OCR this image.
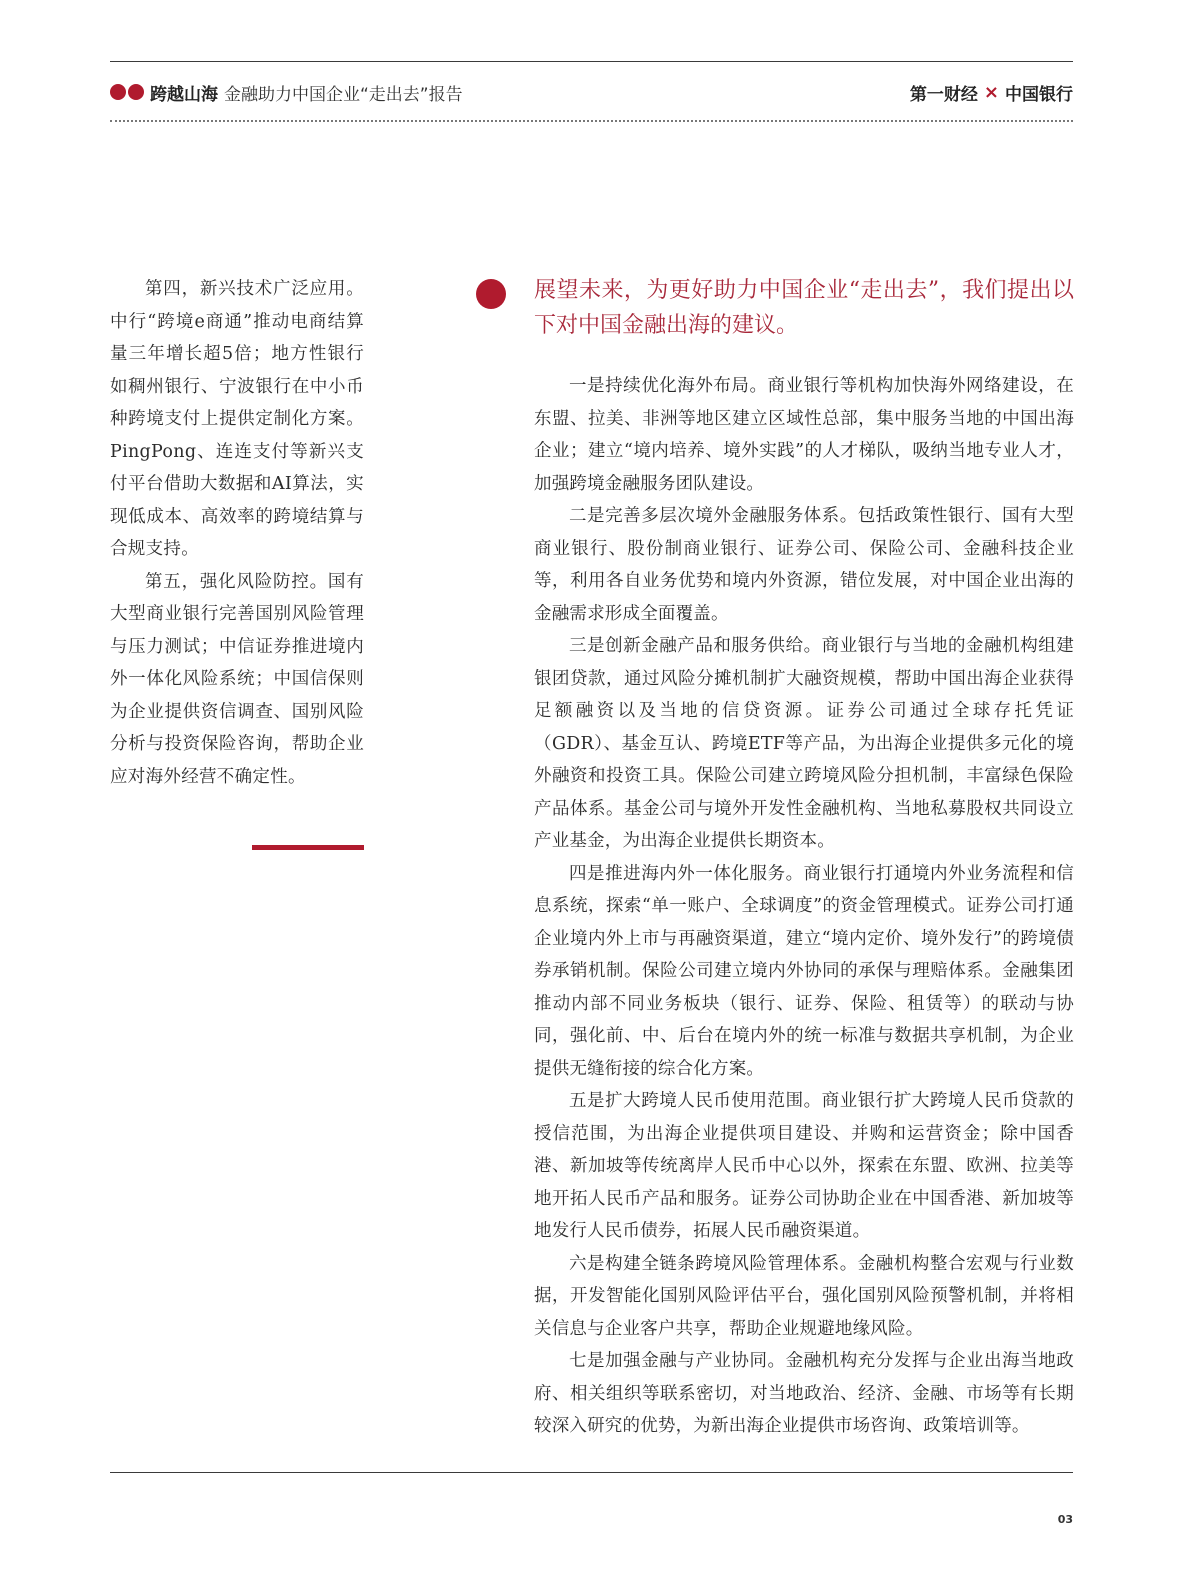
跨越山海 金融助力中国企业“走出去”报告	第一财经 × 中国银行

第四，新兴技术广泛应用。中行“跨境e商通”推动电商结算量三年增长超5倍；地方性银行如稠州银行、宁波银行在中小币种跨境支付上提供定制化方案。PingPong、连连支付等新兴支付平台借助大数据和AI算法，实现低成本、高效率的跨境结算与合规支持。

第五，强化风险防控。国有大型商业银行完善国别风险管理与压力测试；中信证券推进境内外一体化风险系统；中国信保则为企业提供资信调查、国别风险分析与投资保险咨询，帮助企业应对海外经营不确定性。

展望未来，为更好助力中国企业“走出去”，我们提出以下对中国金融出海的建议。

一是持续优化海外布局。商业银行等机构加快海外网络建设，在东盟、拉美、非洲等地区建立区域性总部，集中服务当地的中国出海企业；建立“境内培养、境外实践”的人才梯队，吸纳当地专业人才，加强跨境金融服务团队建设。

二是完善多层次境外金融服务体系。包括政策性银行、国有大型商业银行、股份制商业银行、证券公司、保险公司、金融科技企业等，利用各自业务优势和境内外资源，错位发展，对中国企业出海的金融需求形成全面覆盖。

三是创新金融产品和服务供给。商业银行与当地的金融机构组建银团贷款，通过风险分摊机制扩大融资规模，帮助中国出海企业获得足额融资以及当地的信贷资源。证券公司通过全球存托凭证（GDR）、基金互认、跨境ETF等产品，为出海企业提供多元化的境外融资和投资工具。保险公司建立跨境风险分担机制，丰富绿色保险产品体系。基金公司与境外开发性金融机构、当地私募股权共同设立产业基金，为出海企业提供长期资本。

四是推进海内外一体化服务。商业银行打通境内外业务流程和信息系统，探索“单一账户、全球调度”的资金管理模式。证券公司打通企业境内外上市与再融资渠道，建立“境内定价、境外发行”的跨境债券承销机制。保险公司建立境内外协同的承保与理赔体系。金融集团推动内部不同业务板块（银行、证券、保险、租赁等）的联动与协同，强化前、中、后台在境内外的统一标准与数据共享机制，为企业提供无缝衔接的综合化方案。

五是扩大跨境人民币使用范围。商业银行扩大跨境人民币贷款的授信范围，为出海企业提供项目建设、并购和运营资金；除中国香港、新加坡等传统离岸人民币中心以外，探索在东盟、欧洲、拉美等地开拓人民币产品和服务。证券公司协助企业在中国香港、新加坡等地发行人民币债券，拓展人民币融资渠道。

六是构建全链条跨境风险管理体系。金融机构整合宏观与行业数据，开发智能化国别风险评估平台，强化国别风险预警机制，并将相关信息与企业客户共享，帮助企业规避地缘风险。

七是加强金融与产业协同。金融机构充分发挥与企业出海当地政府、相关组织等联系密切，对当地政治、经济、金融、市场等有长期较深入研究的优势，为新出海企业提供市场咨询、政策培训等。

03
